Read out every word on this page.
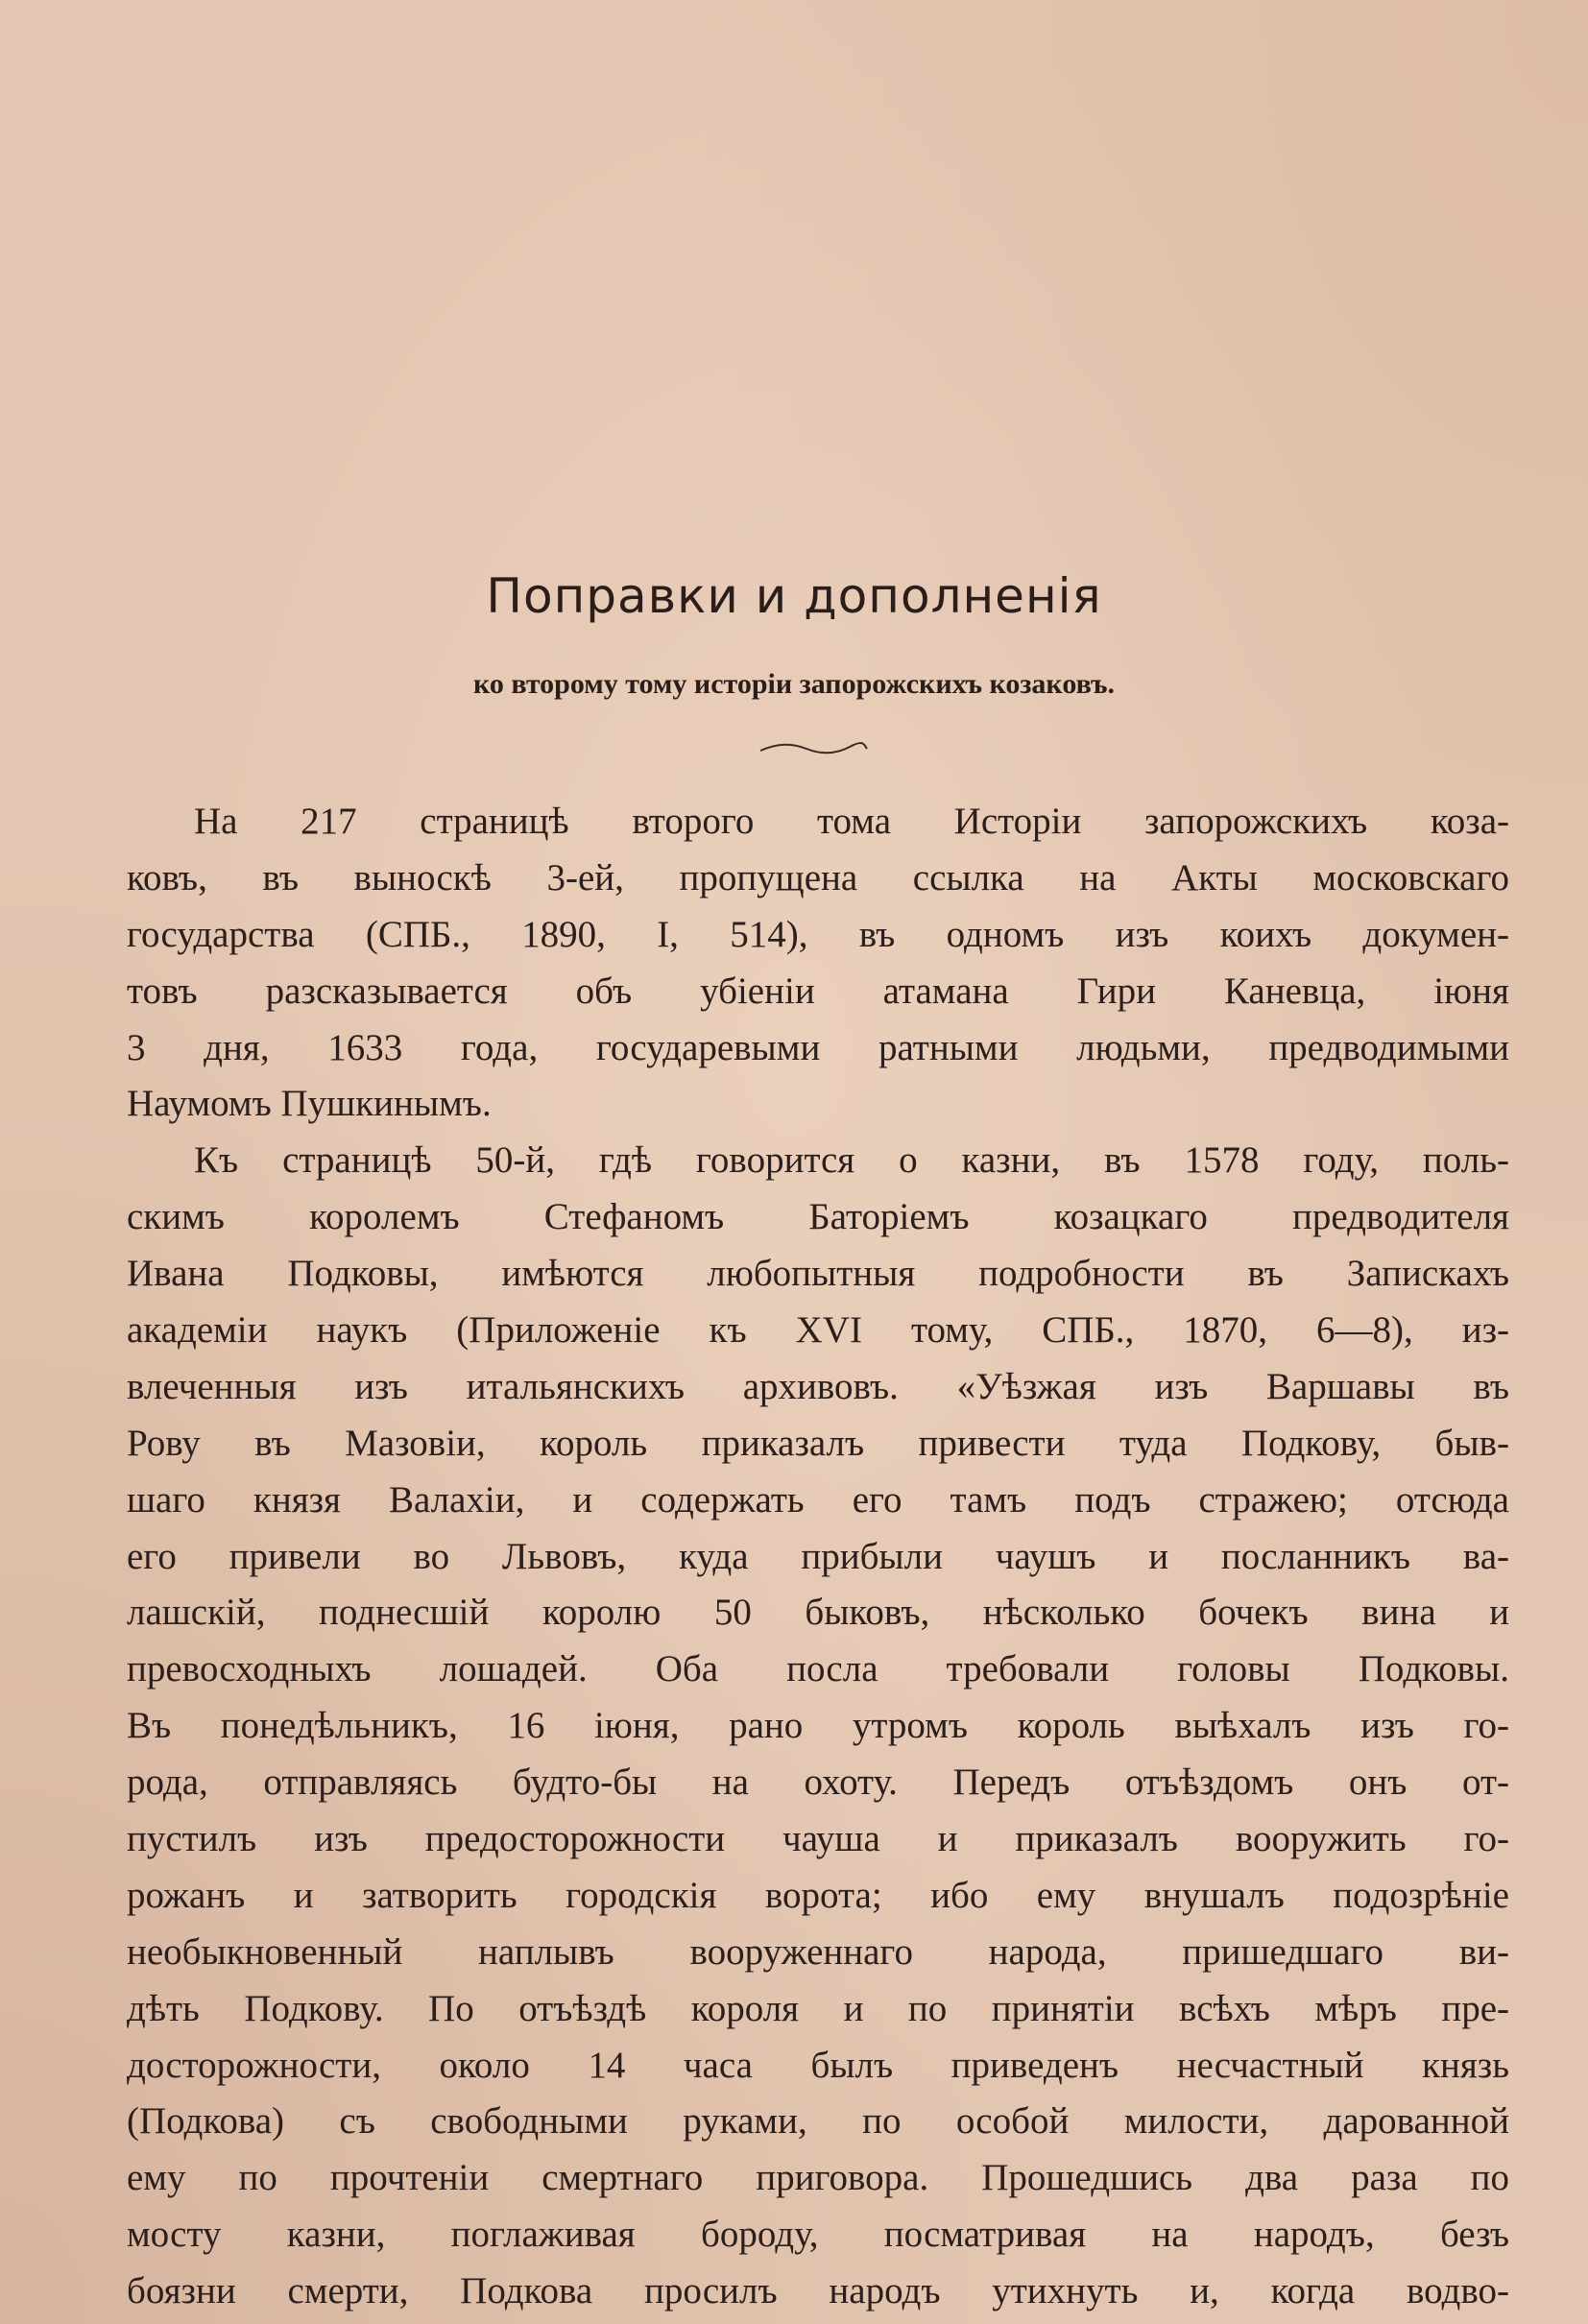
Поправки и дополненія
ко второму тому исторіи запорожскихъ козаковъ.
На 217 страницѣ второго тома Исторіи запорожскихъ коза-
ковъ, въ выноскѣ 3-ей, пропущена ссылка на Акты московскаго
государства (СПБ., 1890, I, 514), въ одномъ изъ коихъ докумен-
товъ разсказывается объ убіеніи атамана Гири Каневца, іюня
3 дня, 1633 года, государевыми ратными людьми, предводимыми
Наумомъ Пушкинымъ.
Къ страницѣ 50-й, гдѣ говорится о казни, въ 1578 году, поль-
скимъ королемъ Стефаномъ Баторіемъ козацкаго предводителя
Ивана Подковы, имѣются любопытныя подробности въ Запискахъ
академіи наукъ (Приложеніе къ XVI тому, СПБ., 1870, 6—8), из-
влеченныя изъ итальянскихъ архивовъ. «Уѣзжая изъ Варшавы въ
Рову въ Мазовіи, король приказалъ привести туда Подкову, быв-
шаго князя Валахіи, и содержать его тамъ подъ стражею; отсюда
его привели во Львовъ, куда прибыли чаушъ и посланникъ ва-
лашскій, поднесшій королю 50 быковъ, нѣсколько бочекъ вина и
превосходныхъ лошадей. Оба посла требовали головы Подковы.
Въ понедѣльникъ, 16 іюня, рано утромъ король выѣхалъ изъ го-
рода, отправляясь будто-бы на охоту. Передъ отъѣздомъ онъ от-
пустилъ изъ предосторожности чауша и приказалъ вооружить го-
рожанъ и затворить городскія ворота; ибо ему внушалъ подозрѣніе
необыкновенный наплывъ вооруженнаго народа, пришедшаго ви-
дѣть Подкову. По отъѣздѣ короля и по принятіи всѣхъ мѣръ пре-
досторожности, около 14 часа былъ приведенъ несчастный князь
(Подкова) съ свободными руками, по особой милости, дарованной
ему по прочтеніи смертнаго приговора. Прошедшись два раза по
мосту казни, поглаживая бороду, посматривая на народъ, безъ
боязни смерти, Подкова просилъ народъ утихнуть и, когда водво-
